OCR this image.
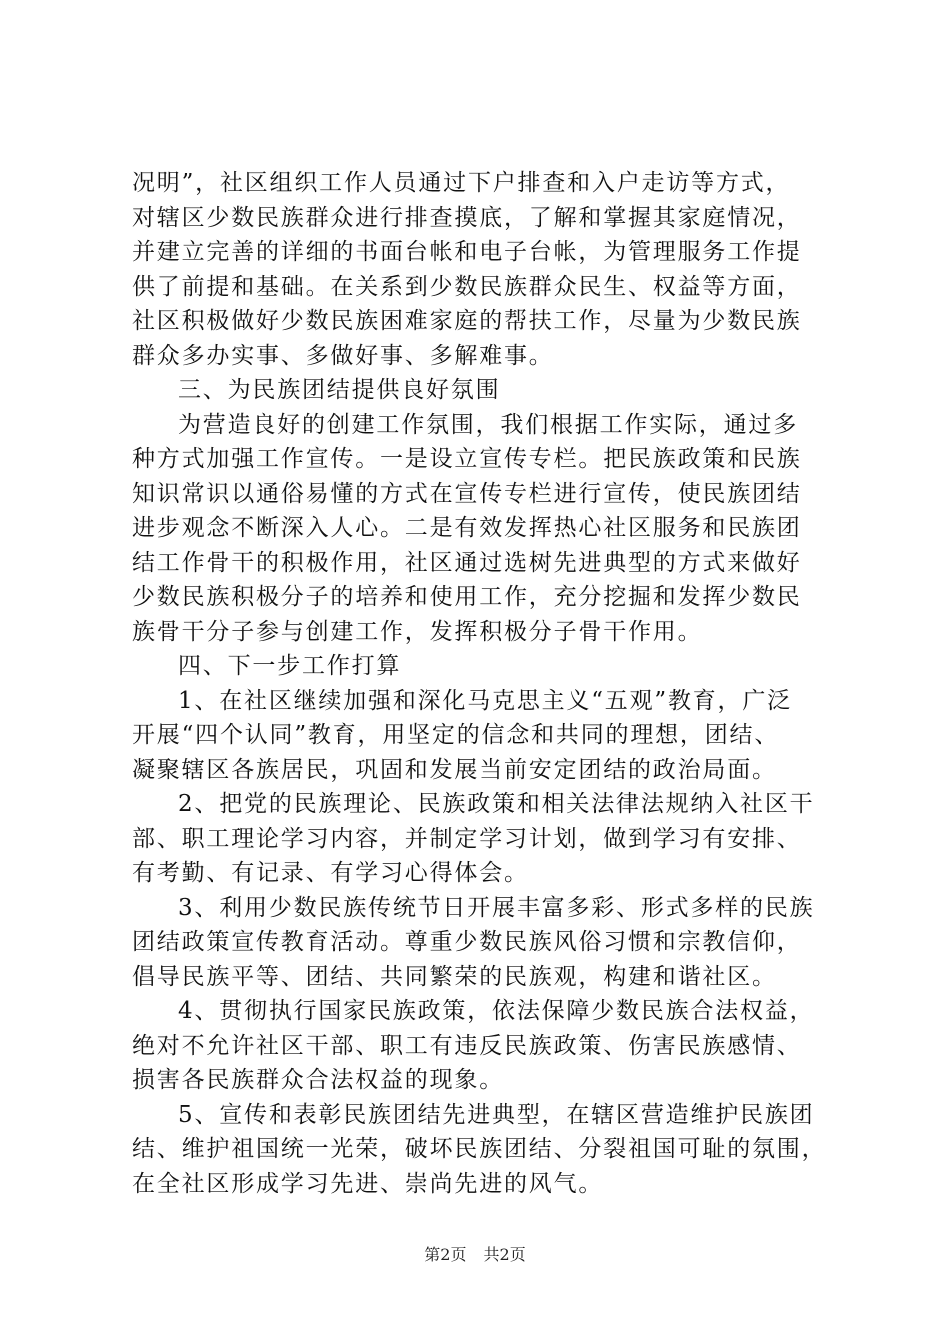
况明”，社区组织工作人员通过下户排查和入户走访等方式，
对辖区少数民族群众进行排查摸底，了解和掌握其家庭情况，
并建立完善的详细的书面台帐和电子台帐，为管理服务工作提
供了前提和基础。在关系到少数民族群众民生、权益等方面，
社区积极做好少数民族困难家庭的帮扶工作，尽量为少数民族
群众多办实事、多做好事、多解难事。
三、为民族团结提供良好氛围
为营造良好的创建工作氛围，我们根据工作实际，通过多
种方式加强工作宣传。一是设立宣传专栏。把民族政策和民族
知识常识以通俗易懂的方式在宣传专栏进行宣传，使民族团结
进步观念不断深入人心。二是有效发挥热心社区服务和民族团
结工作骨干的积极作用，社区通过选树先进典型的方式来做好
少数民族积极分子的培养和使用工作，充分挖掘和发挥少数民
族骨干分子参与创建工作，发挥积极分子骨干作用。
四、下一步工作打算
1、在社区继续加强和深化马克思主义“五观”教育，广泛
开展“四个认同”教育，用坚定的信念和共同的理想，团结、
凝聚辖区各族居民，巩固和发展当前安定团结的政治局面。
2、把党的民族理论、民族政策和相关法律法规纳入社区干
部、职工理论学习内容，并制定学习计划，做到学习有安排、
有考勤、有记录、有学习心得体会。
3、利用少数民族传统节日开展丰富多彩、形式多样的民族
团结政策宣传教育活动。尊重少数民族风俗习惯和宗教信仰，
倡导民族平等、团结、共同繁荣的民族观，构建和谐社区。
4、贯彻执行国家民族政策，依法保障少数民族合法权益，
绝对不允许社区干部、职工有违反民族政策、伤害民族感情、
损害各民族群众合法权益的现象。
5、宣传和表彰民族团结先进典型，在辖区营造维护民族团
结、维护祖国统一光荣，破坏民族团结、分裂祖国可耻的氛围，
在全社区形成学习先进、崇尚先进的风气。
第2页 共2页
